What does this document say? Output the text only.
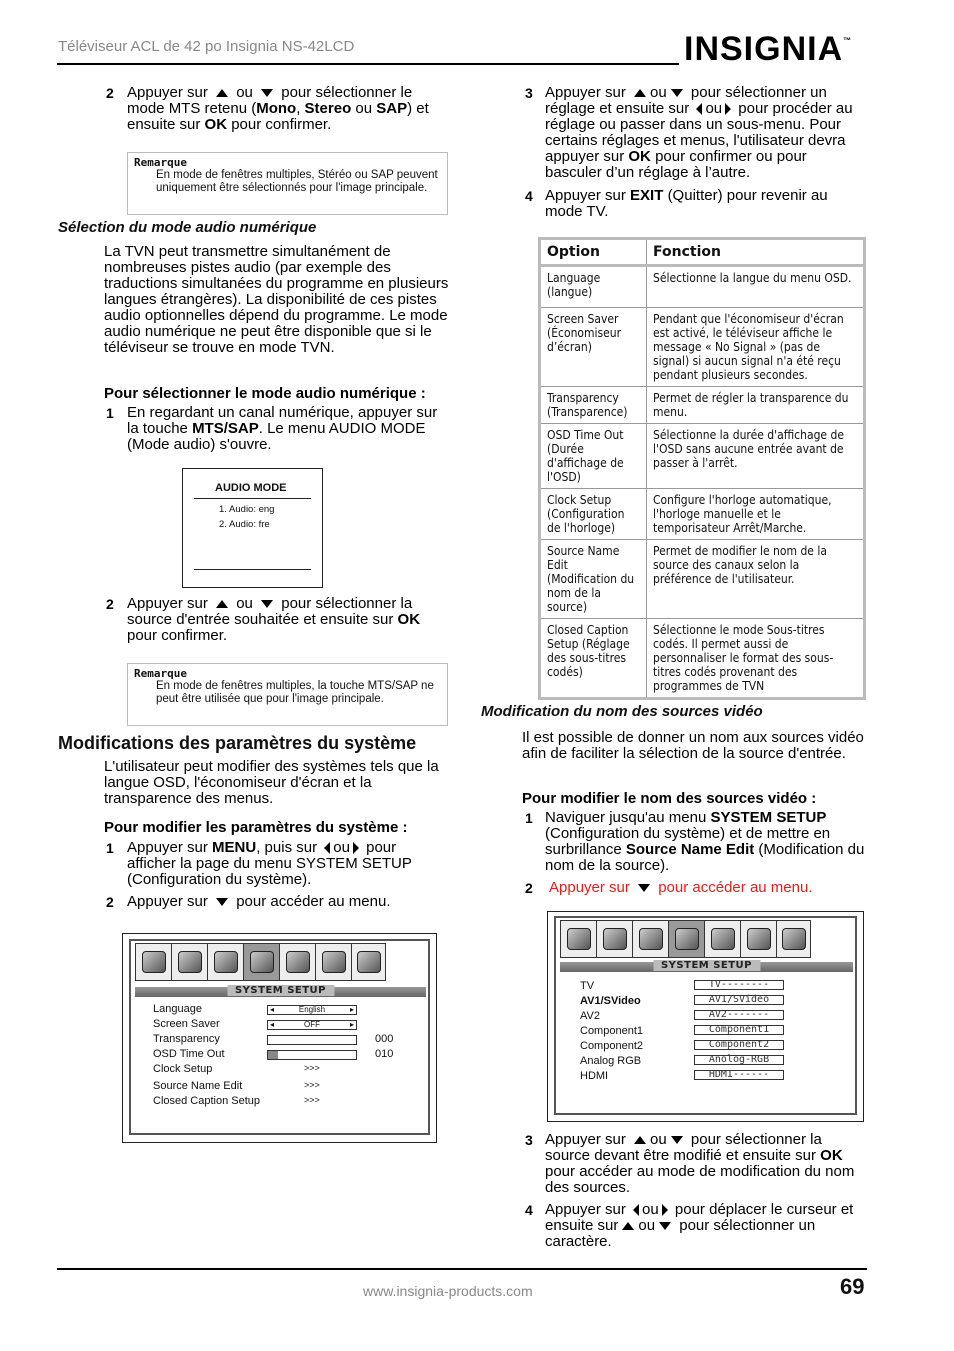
Téléviseur ACL de 42 po Insignia NS-42LCD	INSIGNIA™
2 Appuyer sur ou pour sélectionner le mode MTS retenu (Mono, Stereo ou SAP) et ensuite sur OK pour confirmer.
Remarque
En mode de fenêtres multiples, Stéréo ou SAP peuvent uniquement être sélectionnés pour l'image principale.
Sélection du mode audio numérique
La TVN peut transmettre simultanément de nombreuses pistes audio (par exemple des traductions simultanées du programme en plusieurs langues étrangères). La disponibilité de ces pistes audio optionnelles dépend du programme. Le mode audio numérique ne peut être disponible que si le téléviseur se trouve en mode TVN.
Pour sélectionner le mode audio numérique :
1 En regardant un canal numérique, appuyer sur la touche MTS/SAP. Le menu AUDIO MODE (Mode audio) s'ouvre.
AUDIO MODE
1. Audio: eng
2. Audio: fre
2 Appuyer sur ou pour sélectionner la source d'entrée souhaitée et ensuite sur OK pour confirmer.
Remarque
En mode de fenêtres multiples, la touche MTS/SAP ne peut être utilisée que pour l'image principale.
Modifications des paramètres du système
L'utilisateur peut modifier des systèmes tels que la langue OSD, l'économiseur d'écran et la transparence des menus.
Pour modifier les paramètres du système :
1 Appuyer sur MENU, puis sur ou pour afficher la page du menu SYSTEM SETUP (Configuration du système).
2 Appuyer sur pour accéder au menu.
SYSTEM SETUP
Language	◂	English	▸
Screen Saver	◂	OFF	▸
Transparency	000
OSD Time Out	010
Clock Setup	>>>
Source Name Edit	>>>
Closed Caption Setup	>>>
3 Appuyer sur ou pour sélectionner un réglage et ensuite sur ou pour procéder au réglage ou passer dans un sous-menu. Pour certains réglages et menus, l'utilisateur devra appuyer sur OK pour confirmer ou pour basculer d’un réglage à l’autre.
4 Appuyer sur EXIT (Quitter) pour revenir au mode TV.
Option	Fonction
Language (langue)	Sélectionne la langue du menu OSD.
Screen Saver (Économiseur d’écran)	Pendant que l'économiseur d'écran est activé, le téléviseur affiche le message « No Signal » (pas de signal) si aucun signal n'a été reçu pendant plusieurs secondes.
Transparency (Transparence)	Permet de régler la transparence du menu.
OSD Time Out (Durée d'affichage de l'OSD)	Sélectionne la durée d'affichage de l'OSD sans aucune entrée avant de passer à l'arrêt.
Clock Setup (Configuration de l'horloge)	Configure l'horloge automatique, l'horloge manuelle et le temporisateur Arrêt/Marche.
Source Name Edit (Modification du nom de la source)	Permet de modifier le nom de la source des canaux selon la préférence de l'utilisateur.
Closed Caption Setup (Réglage des sous-titres codés)	Sélectionne le mode Sous-titres codés. Il permet aussi de personnaliser le format des sous-titres codés provenant des programmes de TVN
Modification du nom des sources vidéo
Il est possible de donner un nom aux sources vidéo afin de faciliter la sélection de la source d'entrée.
Pour modifier le nom des sources vidéo :
1 Naviguer jusqu'au menu SYSTEM SETUP (Configuration du système) et de mettre en surbrillance Source Name Edit (Modification du nom de la source).
2 Appuyer sur pour accéder au menu.
SYSTEM SETUP
TV	TV--------
AV1/SVideo	AV1/SVideo
AV2	AV2-------
Component1	Component1
Component2	Component2
Analog RGB	Anolog-RGB
HDMI	HDMI------
3 Appuyer sur ou pour sélectionner la source devant être modifié et ensuite sur OK pour accéder au mode de modification du nom des sources.
4 Appuyer sur ou pour déplacer le curseur et ensuite sur ou pour sélectionner un caractère.
www.insignia-products.com	69
